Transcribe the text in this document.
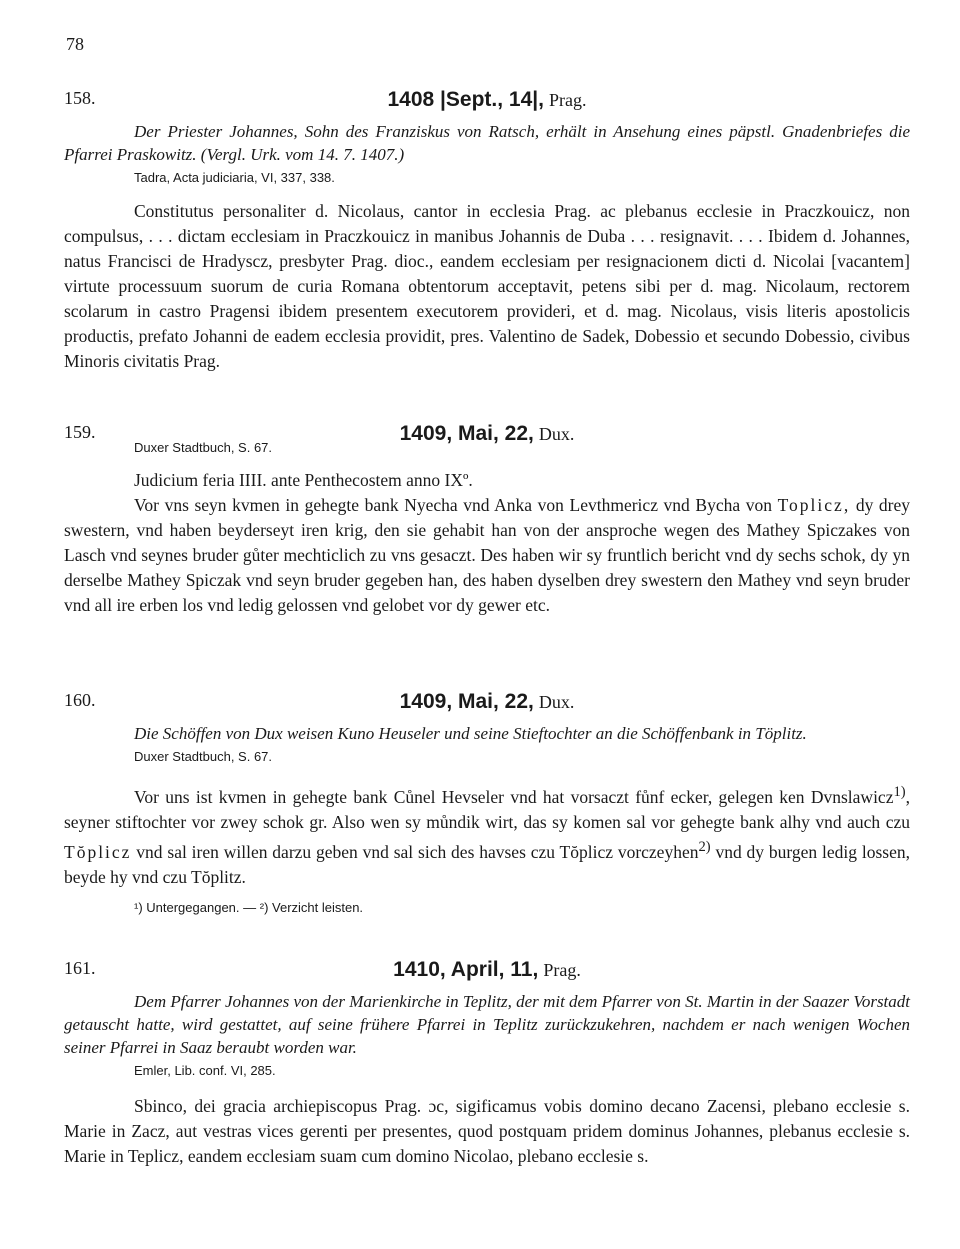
78
158.	1408 |Sept., 14|, Prag.

Der Priester Johannes, Sohn des Franziskus von Ratsch, erhält in Ansehung eines päpstl. Gnadenbriefes die Pfarrei Praskowitz. (Vergl. Urk. vom 14. 7. 1407.)

Tadra, Acta judiciaria, VI, 337, 338.

Constitutus personaliter d. Nicolaus, cantor in ecclesia Prag. ac plebanus ecclesie in Praczkouicz, non compulsus, . . . dictam ecclesiam in Praczkouicz in manibus Johannis de Duba . . . resignavit. . . . Ibidem d. Johannes, natus Francisci de Hradyscz, presbyter Prag. dioc., eandem ecclesiam per resignacionem dicti d. Nicolai [vacantem] virtute processuum suorum de curia Romana obtentorum acceptavit, petens sibi per d. mag. Nicolaum, rectorem scolarum in castro Pragensi ibidem presentem executorem provideri, et d. mag. Nicolaus, visis literis apostolicis productis, prefato Johanni de eadem ecclesia providit, pres. Valentino de Sadek, Dobessio et secundo Dobessio, civibus Minoris civitatis Prag.

159.
Duxer Stadtbuch, S. 67.
1409, Mai, 22, Dux.

Judicium feria IIII. ante Penthecostem anno IXº.

Vor vns seyn kvmen in gehegte bank Nyecha vnd Anka von Levthmericz vnd Bycha von Toplicz, dy drey swestern, vnd haben beyderseyt iren krig, den sie gehabit han von der ansproche wegen des Mathey Spiczakes von Lasch vnd seynes bruder gůter mechticlich zu vns gesaczt. Des haben wir sy fruntlich bericht vnd dy sechs schok, dy yn derselbe Mathey Spiczak vnd seyn bruder gegeben han, des haben dyselben drey swestern den Mathey vnd seyn bruder vnd all ire erben los vnd ledig gelossen vnd gelobet vor dy gewer etc.

160.	1409, Mai, 22, Dux.

Die Schöffen von Dux weisen Kuno Heuseler und seine Stieftochter an die Schöffenbank in Töplitz.

Duxer Stadtbuch, S. 67.

Vor uns ist kvmen in gehegte bank Cůnel Hevseler vnd hat vorsaczt fůnf ecker, gelegen ken Dvnslawicz$^{1)}$, seyner stiftochter vor zwey schok gr. Also wen sy můndik wirt, das sy komen sal vor gehegte bank alhy vnd auch czu Tŏplicz vnd sal iren willen darzu geben vnd sal sich des havses czu Tŏplicz vorczeyhen$^{2)}$ vnd dy burgen ledig lossen, beyde hy vnd czu Tŏplitz.

¹) Untergegangen. — ²) Verzicht leisten.
161.	1410, April, 11, Prag.

Dem Pfarrer Johannes von der Marienkirche in Teplitz, der mit dem Pfarrer von St. Martin in der Saazer Vorstadt getauscht hatte, wird gestattet, auf seine frühere Pfarrei in Teplitz zurückzukehren, nachdem er nach wenigen Wochen seiner Pfarrei in Saaz beraubt worden war.

Emler, Lib. conf. VI, 285.

Sbinco, dei gracia archiepiscopus Prag. ɔc, sigificamus vobis domino decano Zacensi, plebano ecclesie s. Marie in Zacz, aut vestras vices gerenti per presentes, quod postquam pridem dominus Johannes, plebanus ecclesie s. Marie in Teplicz, eandem ecclesiam suam cum domino Nicolao, plebano ecclesie s.
